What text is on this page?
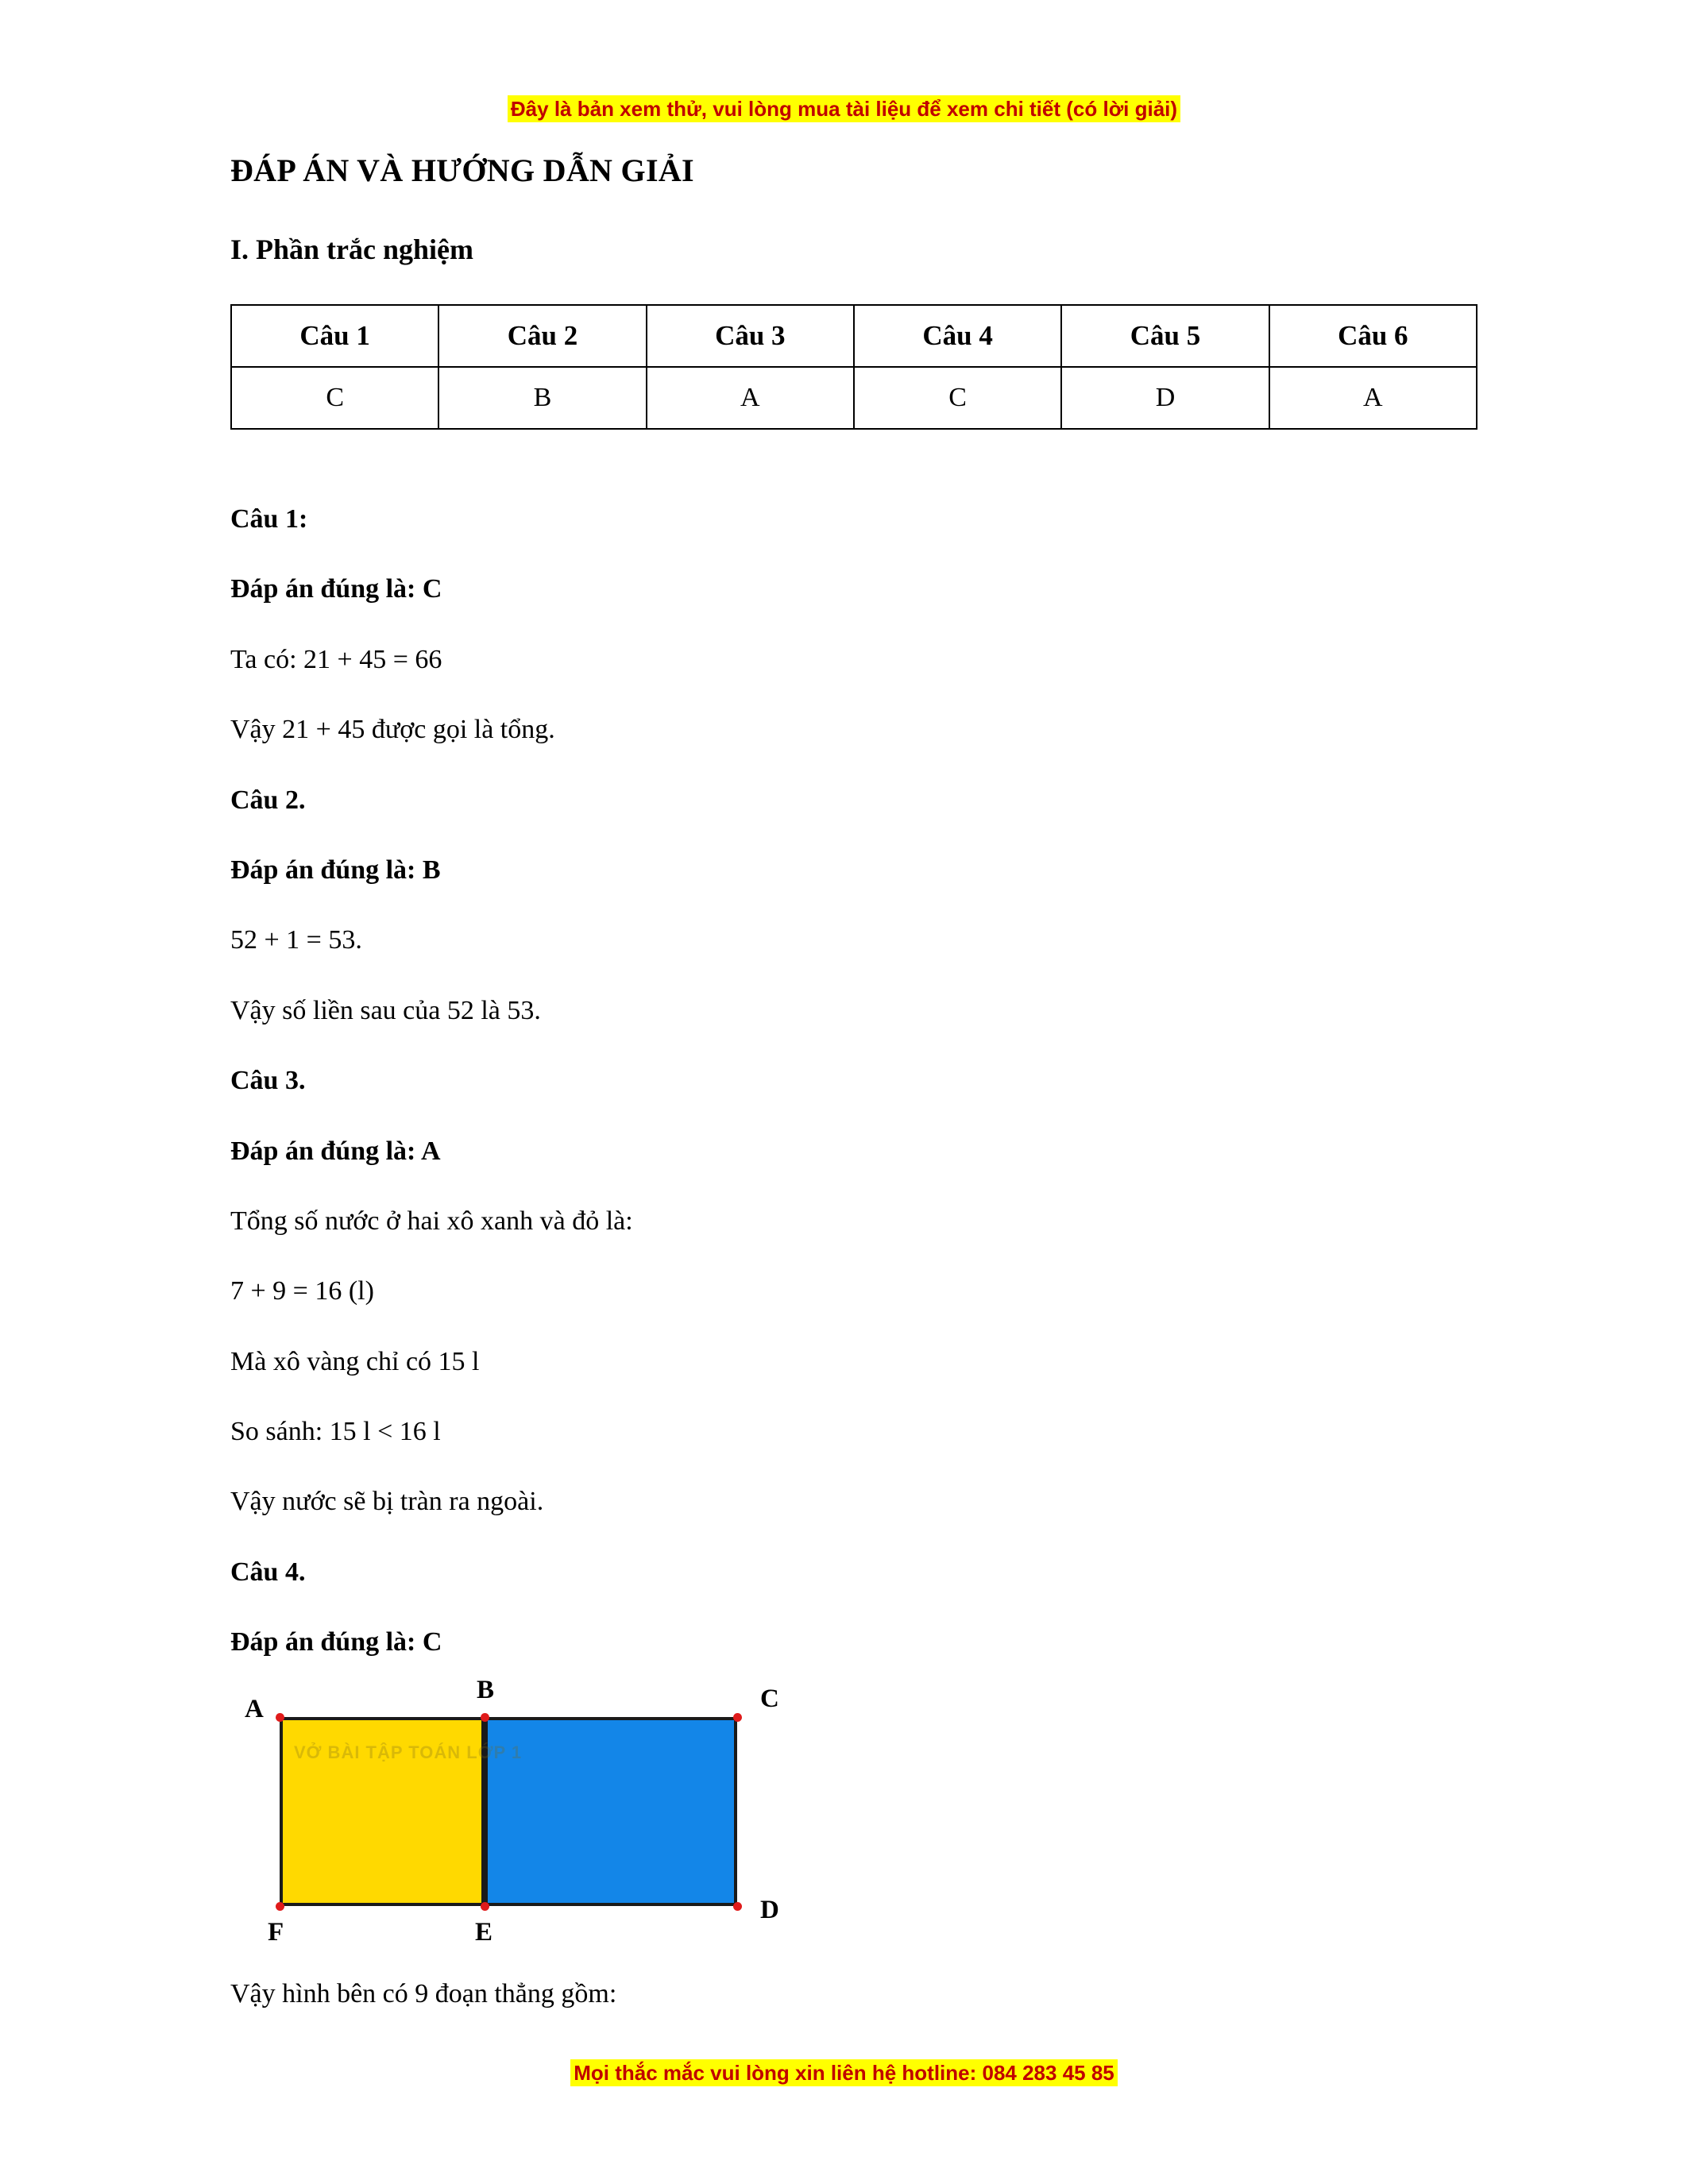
Đây là bản xem thử, vui lòng mua tài liệu để xem chi tiết (có lời giải)
ĐÁP ÁN VÀ HƯỚNG DẪN GIẢI
I. Phần trắc nghiệm
Câu 1	Câu 2	Câu 3	Câu 4	Câu 5	Câu 6
C	B	A	C	D	A

Câu 1:

Đáp án đúng là: C

Ta có: 21 + 45 = 66

Vậy 21 + 45 được gọi là tổng.

Câu 2.

Đáp án đúng là: B

52 + 1 = 53.

Vậy số liền sau của 52 là 53.

Câu 3.

Đáp án đúng là: A

Tổng số nước ở hai xô xanh và đỏ là:

7 + 9 = 16 (l)

Mà xô vàng chỉ có 15 l

So sánh: 15 l < 16 l

Vậy nước sẽ bị tràn ra ngoài.

Câu 4.

Đáp án đúng là: C

VỞ BÀI TẬP TOÁN LỚP 1
A
B	C
D
E
F

Vậy hình bên có 9 đoạn thẳng gồm:

Mọi thắc mắc vui lòng xin liên hệ hotline: 084 283 45 85
